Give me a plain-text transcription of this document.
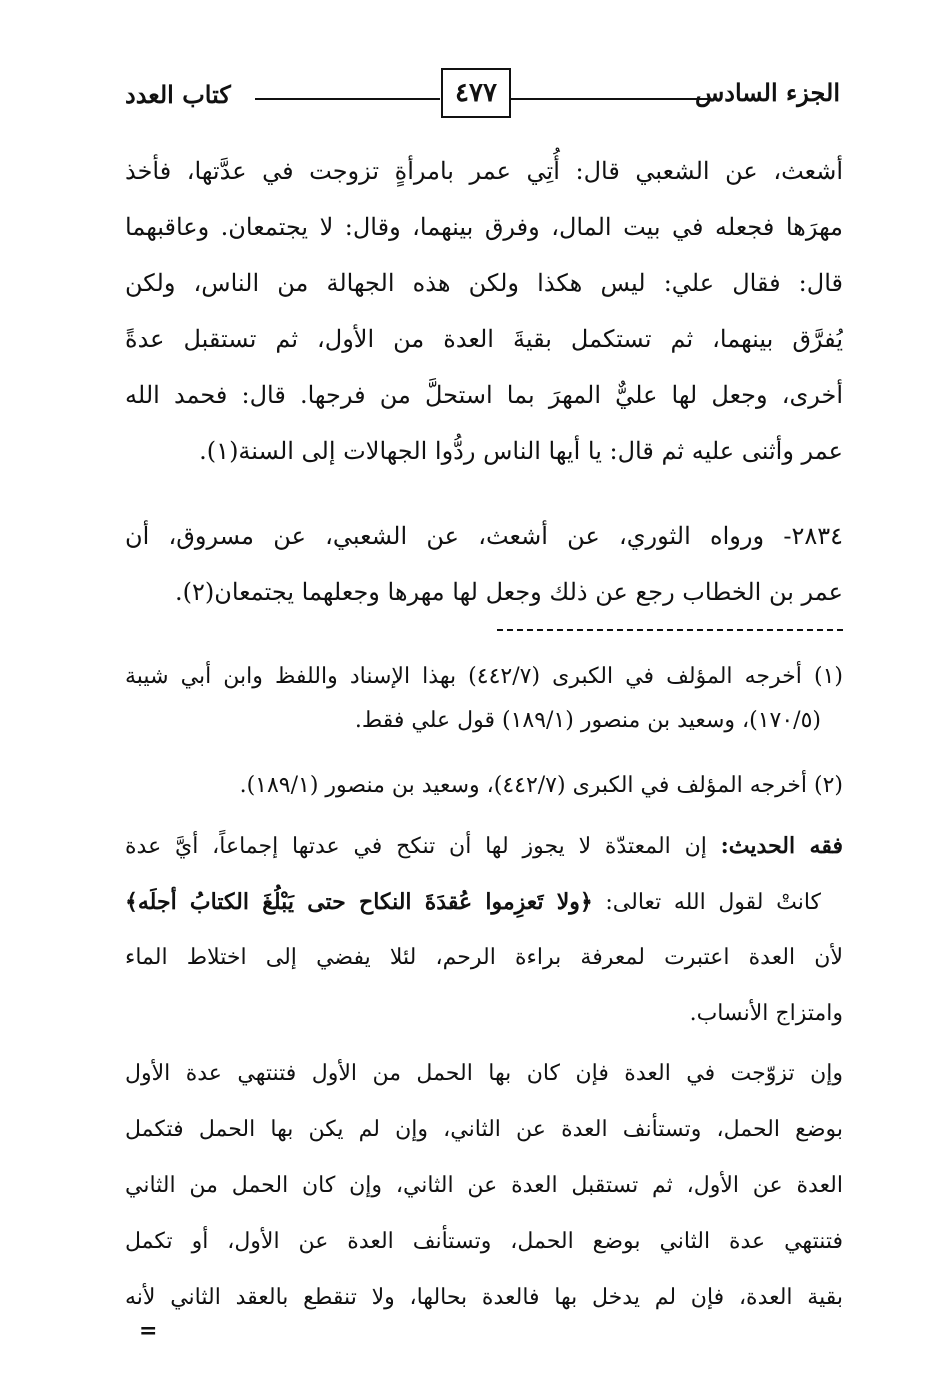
كتاب العدد	٤٧٧	الجزء السادس

أشعث، عن الشعبي قال: أُتِي عمر بامرأةٍ تزوجت في عدَّتها، فأخذ

مهرَها فجعله في بيت المال، وفرق بينهما، وقال: لا يجتمعان. وعاقبهما

قال: فقال علي: ليس هكذا ولكن هذه الجهالة من الناس، ولكن

يُفرَّق بينهما، ثم تستكمل بقيةَ العدة من الأول، ثم تستقبل عدةً

أخرى، وجعل لها عليٌّ المهرَ بما استحلَّ من فرجها. قال: فحمد الله

عمر وأثنى عليه ثم قال: يا أيها الناس ردُّوا الجهالات إلى السنة(١).

٢٨٣٤- ورواه الثوري، عن أشعث، عن الشعبي، عن مسروق، أن

عمر بن الخطاب رجع عن ذلك وجعل لها مهرها وجعلهما يجتمعان(٢).

(١) أخرجه المؤلف في الكبرى (٤٤٢/٧) بهذا الإسناد واللفظ وابن أبي شيبة

(١٧٠/٥)، وسعيد بن منصور (١٨٩/١) قول علي فقط.

(٢) أخرجه المؤلف في الكبرى (٤٤٢/٧)، وسعيد بن منصور (١٨٩/١).

فقه الحديث: إن المعتدّة لا يجوز لها أن تنكح في عدتها إجماعاً، أيَّ عدة

كانتْ لقول الله تعالى: ﴿ولا تَعزِموا عُقدَةَ النكاح حتى يَبْلُغَ الكتابُ أجلَه﴾

لأن العدة اعتبرت لمعرفة براءة الرحم، لئلا يفضي إلى اختلاط الماء

وامتزاج الأنساب.

وإن تزوّجت في العدة فإن كان بها الحمل من الأول فتنتهي عدة الأول

بوضع الحمل، وتستأنف العدة عن الثاني، وإن لم يكن بها الحمل فتكمل

العدة عن الأول، ثم تستقبل العدة عن الثاني، وإن كان الحمل من الثاني

فتنتهي عدة الثاني بوضع الحمل، وتستأنف العدة عن الأول، أو تكمل

بقية العدة، فإن لم يدخل بها فالعدة بحالها، ولا تنقطع بالعقد الثاني لأنه

=
